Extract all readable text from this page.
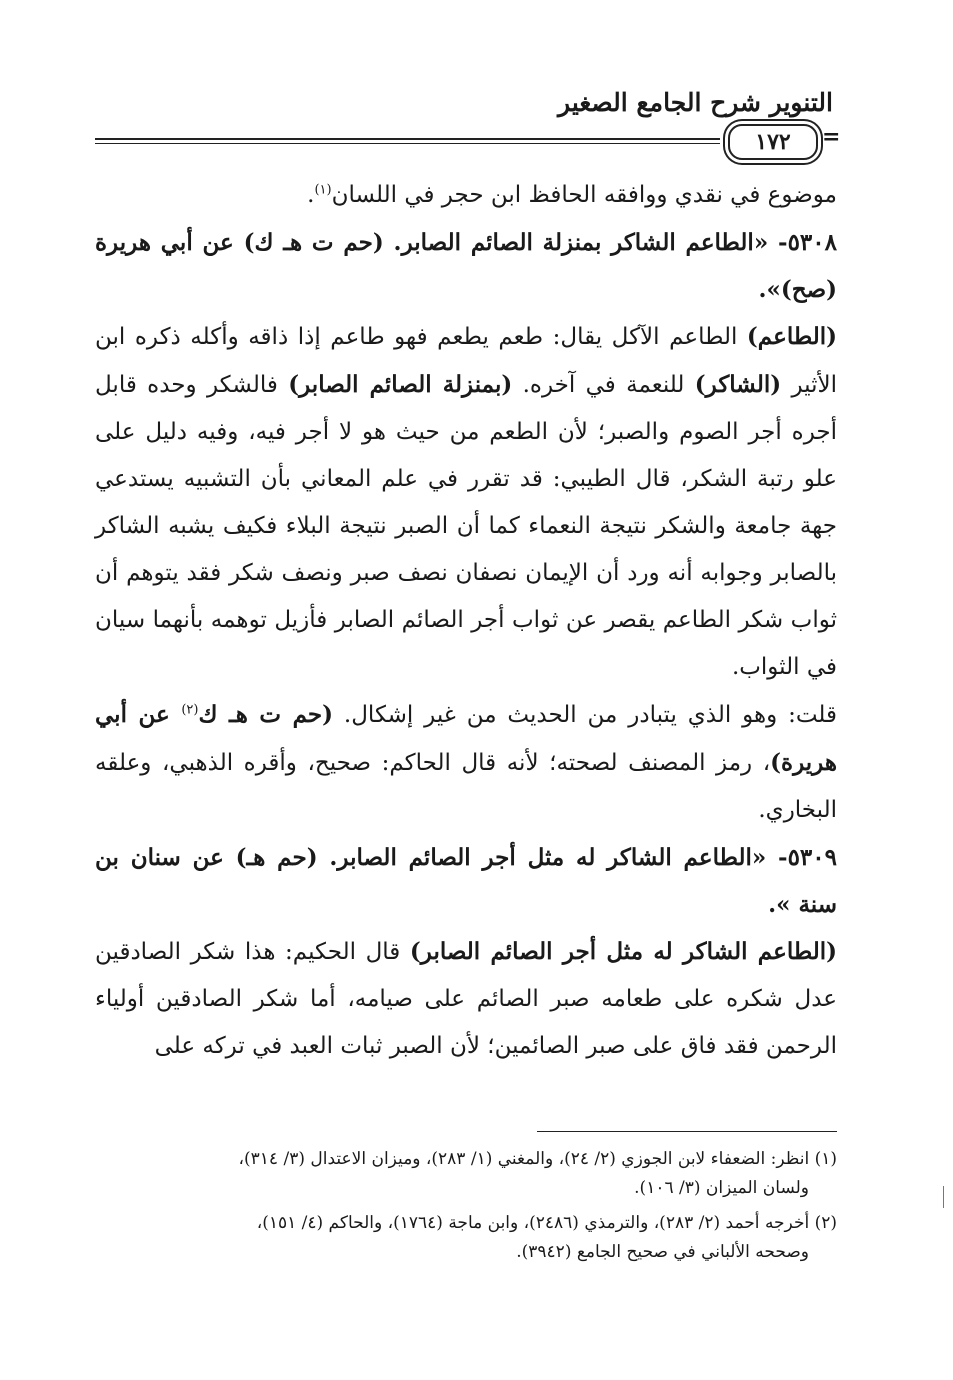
التنوير شرح الجامع الصغير
١٧٢	=

موضوع في نقدي ووافقه الحافظ ابن حجر في اللسان$^{(١)}$.

٥٣٠٨- «الطاعم الشاكر بمنزلة الصائم الصابر. (حم ت هـ ك) عن أبي هريرة (صح)».

(الطاعم) الطاعم الآكل يقال: طعم يطعم فهو طاعم إذا ذاقه وأكله ذكره ابن الأثير (الشاكر) للنعمة في آخره. (بمنزلة الصائم الصابر) فالشكر وحده قابل أجره أجر الصوم والصبر؛ لأن الطعم من حيث هو لا أجر فيه، وفيه دليل على علو رتبة الشكر، قال الطيبي: قد تقرر في علم المعاني بأن التشبيه يستدعي جهة جامعة والشكر نتيجة النعماء كما أن الصبر نتيجة البلاء فكيف يشبه الشاكر بالصابر وجوابه أنه ورد أن الإيمان نصفان نصف صبر ونصف شكر فقد يتوهم أن ثواب شكر الطاعم يقصر عن ثواب أجر الصائم الصابر فأزيل توهمه بأنهما سيان في الثواب.

قلت: وهو الذي يتبادر من الحديث من غير إشكال. (حم ت هـ ك$^{(٢)}$ عن أبي هريرة)، رمز المصنف لصحته؛ لأنه قال الحاكم: صحيح، وأقره الذهبي، وعلقه البخاري.

٥٣٠٩- «الطاعم الشاكر له مثل أجر الصائم الصابر. (حم هـ) عن سنان بن سنة ».

(الطاعم الشاكر له مثل أجر الصائم الصابر) قال الحكيم: هذا شكر الصادقين عدل شكره على طعامه صبر الصائم على صيامه، أما شكر الصادقين أولياء الرحمن فقد فاق على صبر الصائمين؛ لأن الصبر ثبات العبد في تركه على

(١) انظر: الضعفاء لابن الجوزي (٢/ ٢٤)، والمغني (١/ ٢٨٣)، وميزان الاعتدال (٣/ ٣١٤)،
ولسان الميزان (٣/ ١٠٦).

(٢) أخرجه أحمد (٢/ ٢٨٣)، والترمذي (٢٤٨٦)، وابن ماجة (١٧٦٤)، والحاكم (٤/ ١٥١)،
وصححه الألباني في صحيح الجامع (٣٩٤٢).
